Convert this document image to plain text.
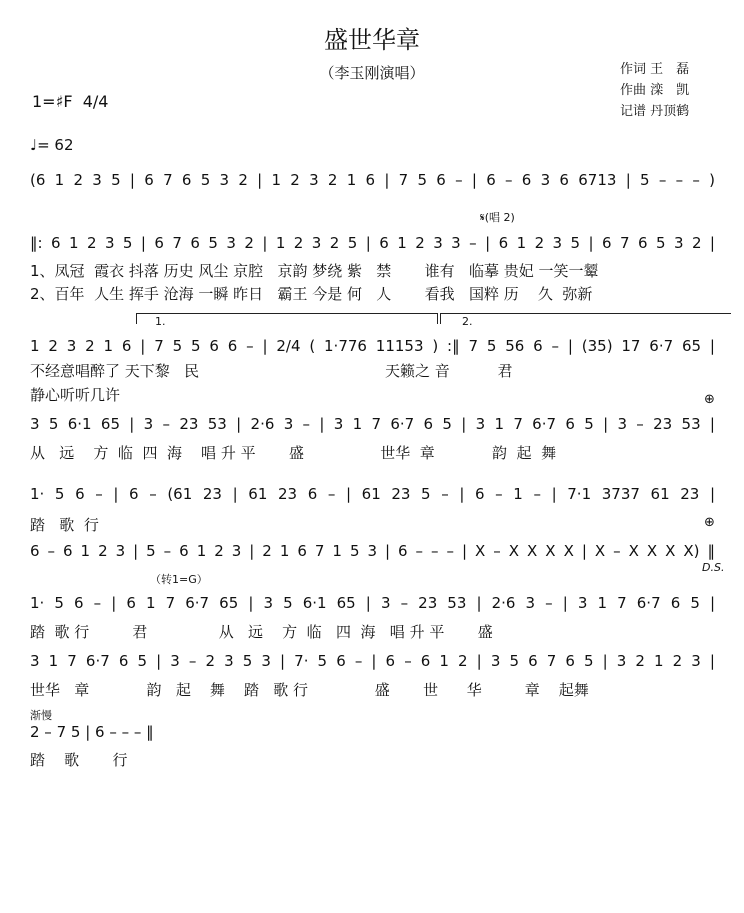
盛世华章
（李玉刚演唱）	作词 王　磊
作曲 滦　凯
记谱 丹顶鹤
1=♯F  4/4
♩= 62
(6 1 2 3 5 | 6 7 6 5 3 2 | 1 2 3 2 1 6 | 7 5 6 – | 6 – 6 3 6 6713 | 5 – – – )
𝄋(唱 2)
‖: 6 1 2 3 5 | 6 7 6 5 3 2 | 1 2 3 2 5 | 6 1 2 3 3 – | 6 1 2 3 5 | 6 7 6 5 3 2 |
1、凤冠  霞衣 抖落 历史 风尘 京腔   京韵 梦绕 紫   禁       谁有   临摹 贵妃 一笑一颦
2、百年  人生 挥手 沧海 一瞬 昨日   霸王 今是 何   人       看我   国粹 历    久  弥新
1.	2.
1 2 3 2 1 6 | 7 5 5 6 6 – | 2/4 ( 1·776 11153 ) :‖ 7 5 56 6 – | (35) 17 6·7 65 |
不经意唱醉了 天下黎   民                                       天籁之 音          君
静心听听几许	⊕
3 5 6·1 65 | 3 – 23 53 | 2·6 3 – | 3 1 7 6·7 6 5 | 3 1 7 6·7 6 5 | 3 – 23 53 |
从   远    方  临  四  海    唱 升 平       盛                世华  章            韵  起  舞
1· 5 6 – | 6 – (61 23 | 61 23 6 – | 61 23 5 – | 6 – 1 – | 7·1 3737 61 23 |
踏   歌  行	⊕
6 – 6 1 2 3 | 5 – 6 1 2 3 | 2 1 6 7 1 5 3 | 6 – – – | X – X X X X | X – X X X X) ‖
D.S.
（转1=G）
1· 5 6 – | 6 1 7 6·7 65 | 3 5 6·1 65 | 3 – 23 53 | 2·6 3 – | 3 1 7 6·7 6 5 |
踏  歌 行         君               从   远    方  临   四  海   唱 升 平       盛
3 1 7 6·7 6 5 | 3 – 2 3 5 3 | 7· 5 6 – | 6 – 6 1 2 | 3 5 6 7 6 5 | 3 2 1 2 3 |
世华   章            韵   起    舞    踏   歌 行              盛       世      华         章    起舞
渐慢
2 – 7 5 | 6 – – – ‖
踏    歌       行
